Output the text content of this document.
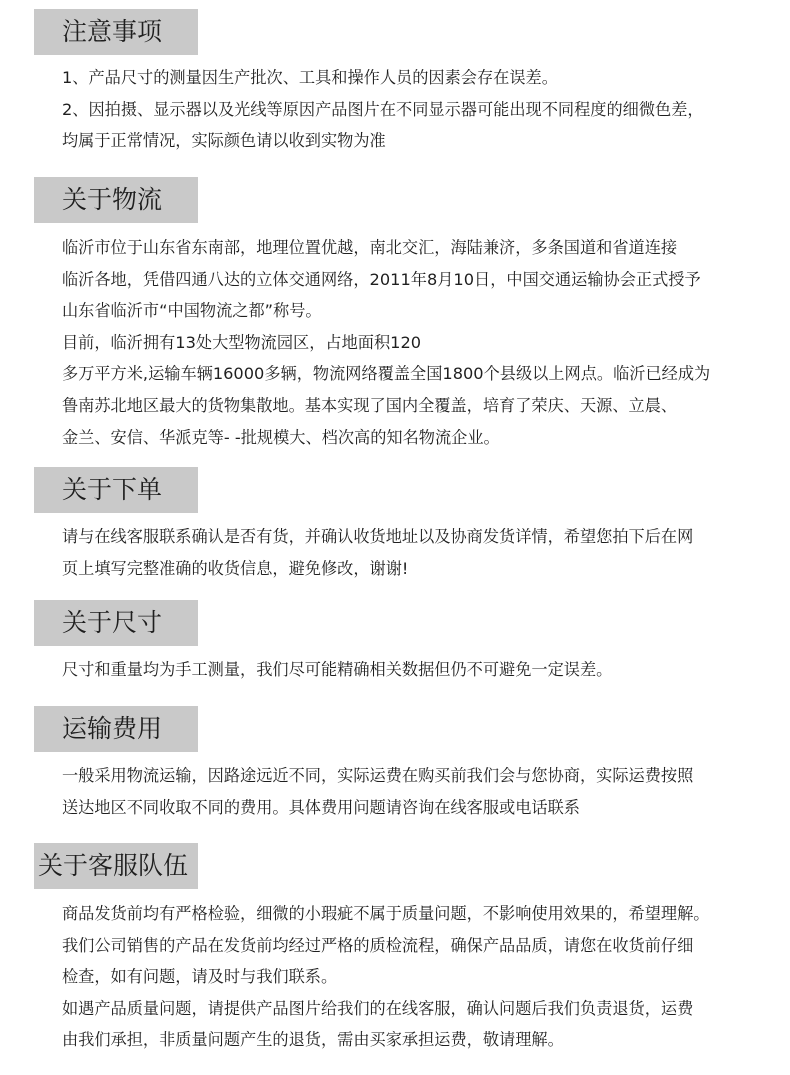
注意事项
1、产品尺寸的测量因生产批次、工具和操作人员的因素会存在误差。
2、因拍摄、显示器以及光线等原因产品图片在不同显示器可能出现不同程度的细微色差，
均属于正常情况，实际颜色请以收到实物为准
关于物流
临沂市位于山东省东南部，地理位置优越，南北交汇，海陆兼济，多条国道和省道连接
临沂各地，凭借四通八达的立体交通网络，2011年8月10日，中国交通运输协会正式授予
山东省临沂市“中国物流之都”称号。
目前，临沂拥有13处大型物流园区，占地面积120
多万平方米,运输车辆16000多辆，物流网络覆盖全国1800个县级以上网点。临沂已经成为
鲁南苏北地区最大的货物集散地。基本实现了国内全覆盖，培育了荣庆、天源、立晨、
金兰、安信、华派克等- -批规模大、档次高的知名物流企业。
关于下单
请与在线客服联系确认是否有货，并确认收货地址以及协商发货详情，希望您拍下后在网
页上填写完整准确的收货信息，避免修改，谢谢!
关于尺寸
尺寸和重量均为手工测量，我们尽可能精确相关数据但仍不可避免一定误差。
运输费用
一般采用物流运输，因路途远近不同，实际运费在购买前我们会与您协商，实际运费按照
送达地区不同收取不同的费用。具体费用问题请咨询在线客服或电话联系
关于客服队伍
商品发货前均有严格检验，细微的小瑕疵不属于质量问题，不影响使用效果的，希望理解。
我们公司销售的产品在发货前均经过严格的质检流程，确保产品品质，请您在收货前仔细
检查，如有问题，请及时与我们联系。
如遇产品质量问题，请提供产品图片给我们的在线客服，确认问题后我们负责退货，运费
由我们承担，非质量问题产生的退货，需由买家承担运费，敬请理解。
